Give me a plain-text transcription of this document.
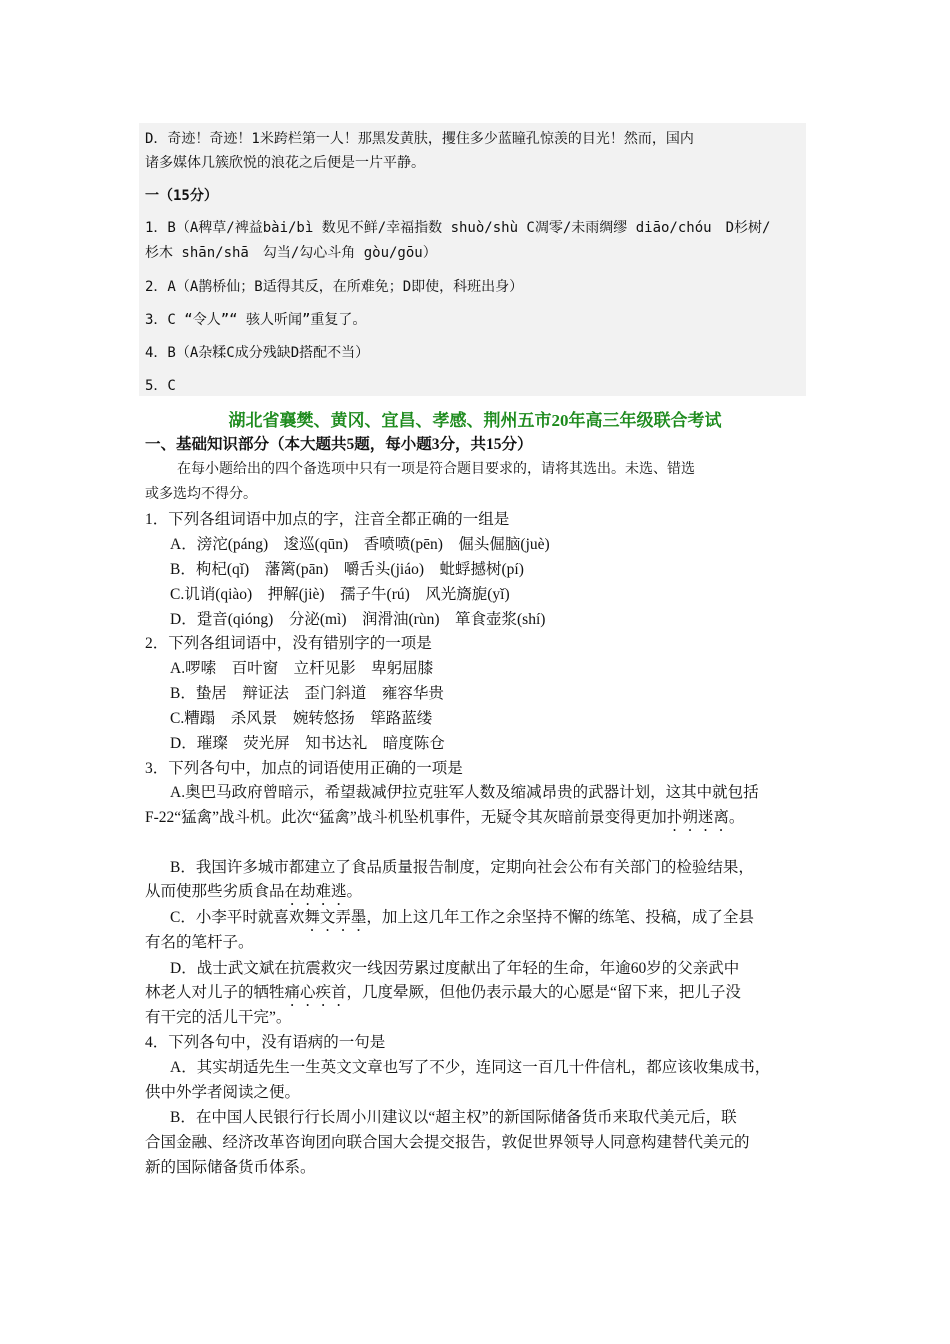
D．奇迹！奇迹！1米跨栏第一人！那黑发黄肤，攫住多少蓝瞳孔惊羡的目光！然而，国内
诸多媒体几簇欣悦的浪花之后便是一片平静。
一（15分）
1．B（A稗草/裨益bài/bì 数见不鲜/幸福指数 shuò/shù C凋零/未雨绸缪 diāo/chóu　D杉树/
杉木 shān/shā　勾当/勾心斗角 gòu/gōu）
2．A（A鹊桥仙；B适得其反，在所难免；D即使，科班出身）
3．C “令人”“ 骇人听闻”重复了。
4．B（A杂糅C成分残缺D搭配不当）
5．C
湖北省襄樊、黄冈、宜昌、孝感、荆州五市20年高三年级联合考试
一、基础知识部分（本大题共5题，每小题3分，共15分）
在每小题给出的四个备选项中只有一项是符合题目要求的，请将其选出。未选、错选
或多选均不得分。
1．下列各组词语中加点的字，注音全都正确的一组是
A．滂沱(páng)　逡巡(qūn)　香喷喷(pēn)　倔头倔脑(juè)
B．枸杞(qǐ)　藩篱(pān)　嚼舌头(jiáo)　蚍蜉撼树(pí)
C.讥诮(qiào)　押解(jiè)　孺子牛(rú)　风光旖旎(yǐ)
D．跫音(qióng)　分泌(mì)　润滑油(rùn)　箪食壶浆(shí)
2．下列各组词语中，没有错别字的一项是
A.啰嗦　百叶窗　立杆见影　卑躬屈膝
B．蛰居　辩证法　歪门斜道　雍容华贵
C.糟蹋　杀风景　婉转悠扬　筚路蓝缕
D．璀璨　荧光屏　知书达礼　暗度陈仓
3．下列各句中，加点的词语使用正确的一项是
A.奥巴马政府曾暗示，希望裁减伊拉克驻军人数及缩减昂贵的武器计划，这其中就包括
F-22“猛禽”战斗机。此次“猛禽”战斗机坠机事件，无疑令其灰暗前景变得更加扑朔迷离。
B．我国许多城市都建立了食品质量报告制度，定期向社会公布有关部门的检验结果，
从而使那些劣质食品在劫难逃。
C．小李平时就喜欢舞文弄墨，加上这几年工作之余坚持不懈的练笔、投稿，成了全县
有名的笔杆子。
D．战士武文斌在抗震救灾一线因劳累过度献出了年轻的生命，年逾60岁的父亲武中
林老人对儿子的牺牲痛心疾首，几度晕厥，但他仍表示最大的心愿是“留下来，把儿子没
有干完的活儿干完”。
4．下列各句中，没有语病的一句是
A．其实胡适先生一生英文文章也写了不少，连同这一百几十件信札，都应该收集成书，
供中外学者阅读之便。
B．在中国人民银行行长周小川建议以“超主权”的新国际储备货币来取代美元后，联
合国金融、经济改革咨询团向联合国大会提交报告，敦促世界领导人同意构建替代美元的
新的国际储备货币体系。
